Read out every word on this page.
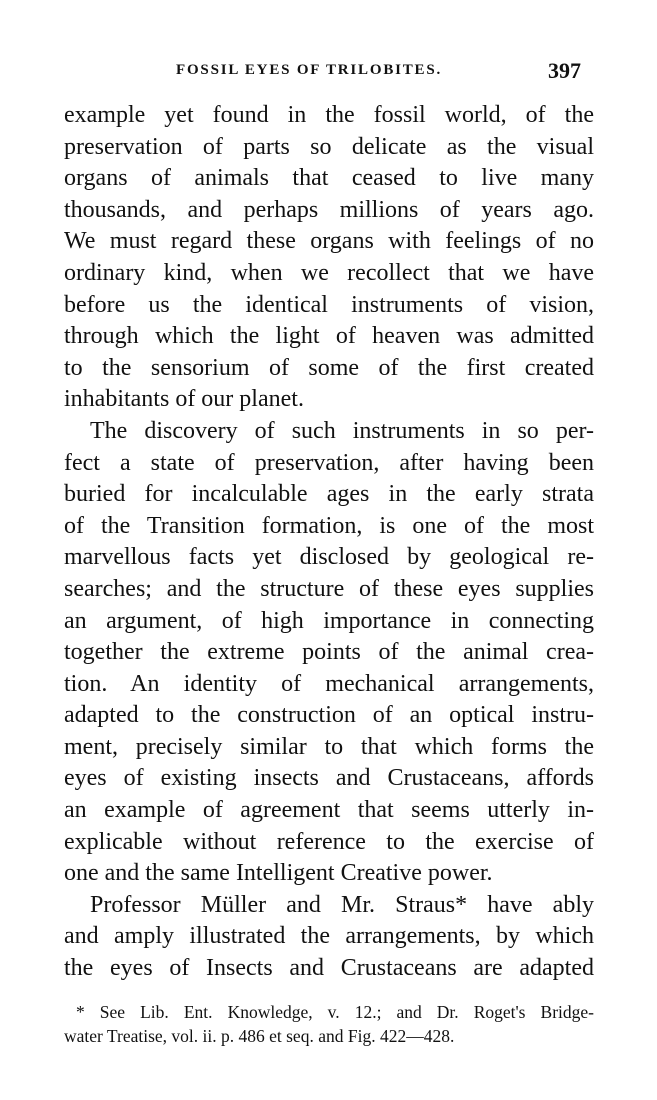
FOSSIL EYES OF TRILOBITES.	397
example yet found in the fossil world, of the
preservation of parts so delicate as the visual
organs of animals that ceased to live many
thousands, and perhaps millions of years ago.
We must regard these organs with feelings of no
ordinary kind, when we recollect that we have
before us the identical instruments of vision,
through which the light of heaven was admitted
to the sensorium of some of the first created
inhabitants of our planet.
The discovery of such instruments in so per-
fect a state of preservation, after having been
buried for incalculable ages in the early strata
of the Transition formation, is one of the most
marvellous facts yet disclosed by geological re-
searches; and the structure of these eyes supplies
an argument, of high importance in connecting
together the extreme points of the animal crea-
tion. An identity of mechanical arrangements,
adapted to the construction of an optical instru-
ment, precisely similar to that which forms the
eyes of existing insects and Crustaceans, affords
an example of agreement that seems utterly in-
explicable without reference to the exercise of
one and the same Intelligent Creative power.
Professor Müller and Mr. Straus* have ably
and amply illustrated the arrangements, by which
the eyes of Insects and Crustaceans are adapted
* See Lib. Ent. Knowledge, v. 12.; and Dr. Roget's Bridge-
water Treatise, vol. ii. p. 486 et seq. and Fig. 422—428.
